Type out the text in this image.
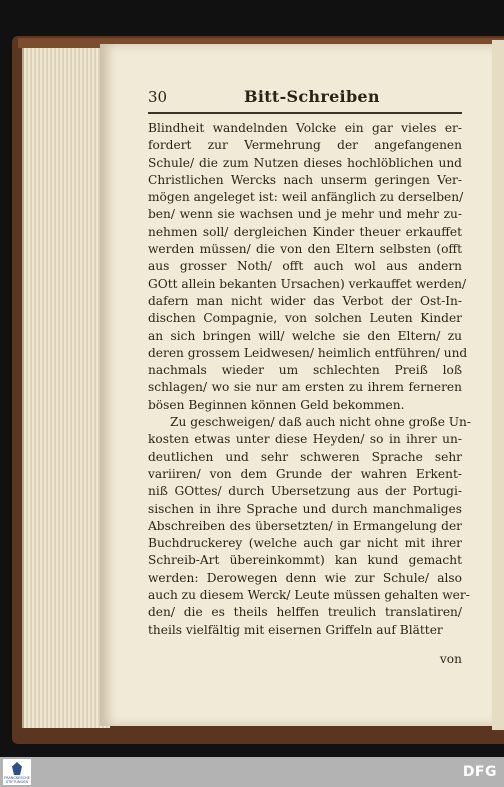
30	Bitt-Schreiben
Blindheit wandelnden Volcke ein gar vieles er-
fordert zur Vermehrung der angefangenen
Schule/ die zum Nutzen dieses hochlöblichen und
Christlichen Wercks nach unserm geringen Ver-
mögen angeleget ist: weil anfänglich zu derselben/
ben/ wenn sie wachsen und je mehr und mehr zu-
nehmen soll/ dergleichen Kinder theuer erkauffet
werden müssen/ die von den Eltern selbsten (offt
aus grosser Noth/ offt auch wol aus andern
GOtt allein bekanten Ursachen) verkauffet werden/
dafern man nicht wider das Verbot der Ost-In-
dischen Compagnie, von solchen Leuten Kinder
an sich bringen will/ welche sie den Eltern/ zu
deren grossem Leidwesen/ heimlich entführen/ und
nachmals wieder um schlechten Preiß loß
schlagen/ wo sie nur am ersten zu ihrem ferneren
bösen Beginnen können Geld bekommen.
Zu geschweigen/ daß auch nicht ohne große Un-
kosten etwas unter diese Heyden/ so in ihrer un-
deutlichen und sehr schweren Sprache sehr
variiren/ von dem Grunde der wahren Erkent-
niß GOttes/ durch Ubersetzung aus der Portugi-
sischen in ihre Sprache und durch manchmaliges
Abschreiben des übersetzten/ in Ermangelung der
Buchdruckerey (welche auch gar nicht mit ihrer
Schreib-Art übereinkommt) kan kund gemacht
werden: Derowegen denn wie zur Schule/ also
auch zu diesem Werck/ Leute müssen gehalten wer-
den/ die es theils helffen treulich translatiren/
theils vielfältig mit eisernen Griffeln auf Blätter
von
FRANCKESCHE STIFTUNGEN
DFG
